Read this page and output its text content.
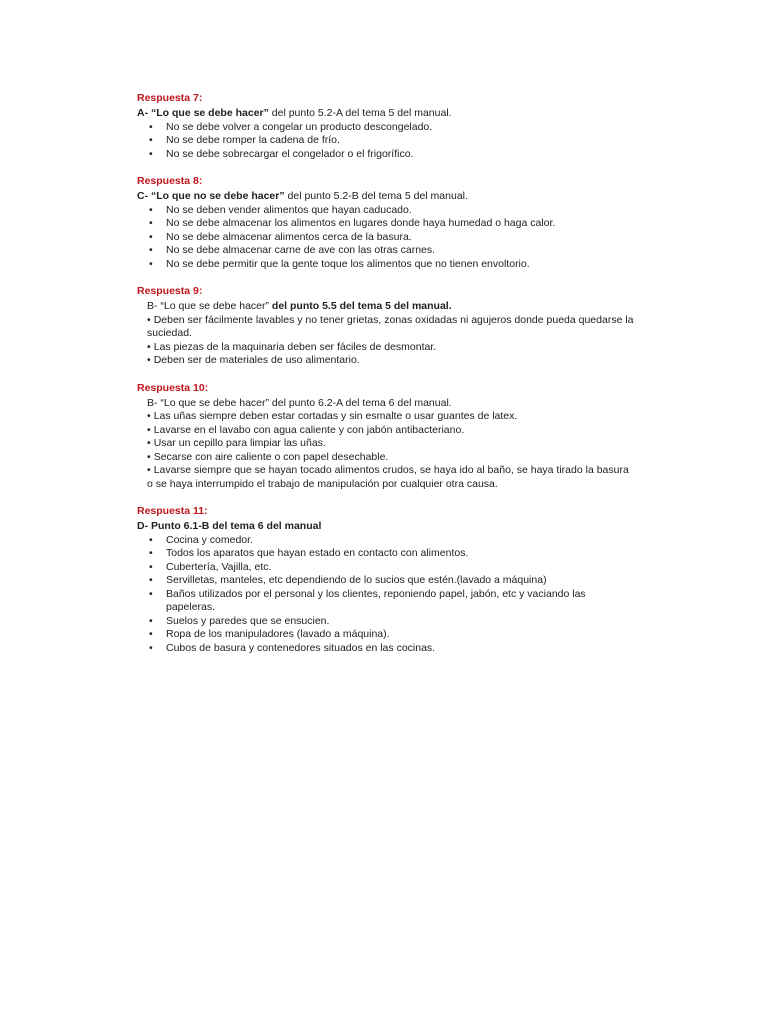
Respuesta 7:

A- “Lo que se debe hacer” del punto 5.2-A del tema 5 del manual.

• No se debe volver a congelar un producto descongelado.
• No se debe romper la cadena de frío.
• No se debe sobrecargar el congelador o el frigorífico.

Respuesta 8:

C- “Lo que no se debe hacer” del punto 5.2-B del tema 5 del manual.

• No se deben vender alimentos que hayan caducado.
• No se debe almacenar los alimentos en lugares donde haya humedad o haga calor.
• No se debe almacenar alimentos cerca de la basura.
• No se debe almacenar carne de ave con las otras carnes.
• No se debe permitir que la gente toque los alimentos que no tienen envoltorio.

Respuesta 9:

B- “Lo que se debe hacer” del punto 5.5 del tema 5 del manual.

• Deben ser fácilmente lavables y no tener grietas, zonas oxidadas ni agujeros donde pueda quedarse la suciedad.

• Las piezas de la maquinaria deben ser fáciles de desmontar.

• Deben ser de materiales de uso alimentario.

Respuesta 10:

B- “Lo que se debe hacer” del punto 6.2-A del tema 6 del manual.

• Las uñas siempre deben estar cortadas y sin esmalte o usar guantes de latex.

• Lavarse en el lavabo con agua caliente y con jabón antibacteriano.

• Usar un cepillo para limpiar las uñas.

• Secarse con aire caliente o con papel desechable.

• Lavarse siempre que se hayan tocado alimentos crudos, se haya ido al baño, se haya tirado la basura o se haya interrumpido el trabajo de manipulación por cualquier otra causa.

Respuesta 11:

D- Punto 6.1-B del tema 6 del manual

• Cocina y comedor.
• Todos los aparatos que hayan estado en contacto con alimentos.
• Cubertería, Vajilla, etc.
• Servilletas, manteles, etc dependiendo de lo sucios que estén.(lavado a máquina)
• Baños utilizados por el personal y los clientes, reponiendo papel, jabón, etc y vaciando las papeleras.
• Suelos y paredes que se ensucien.
• Ropa de los manipuladores (lavado a máquina).
• Cubos de basura y contenedores situados en las cocinas.
